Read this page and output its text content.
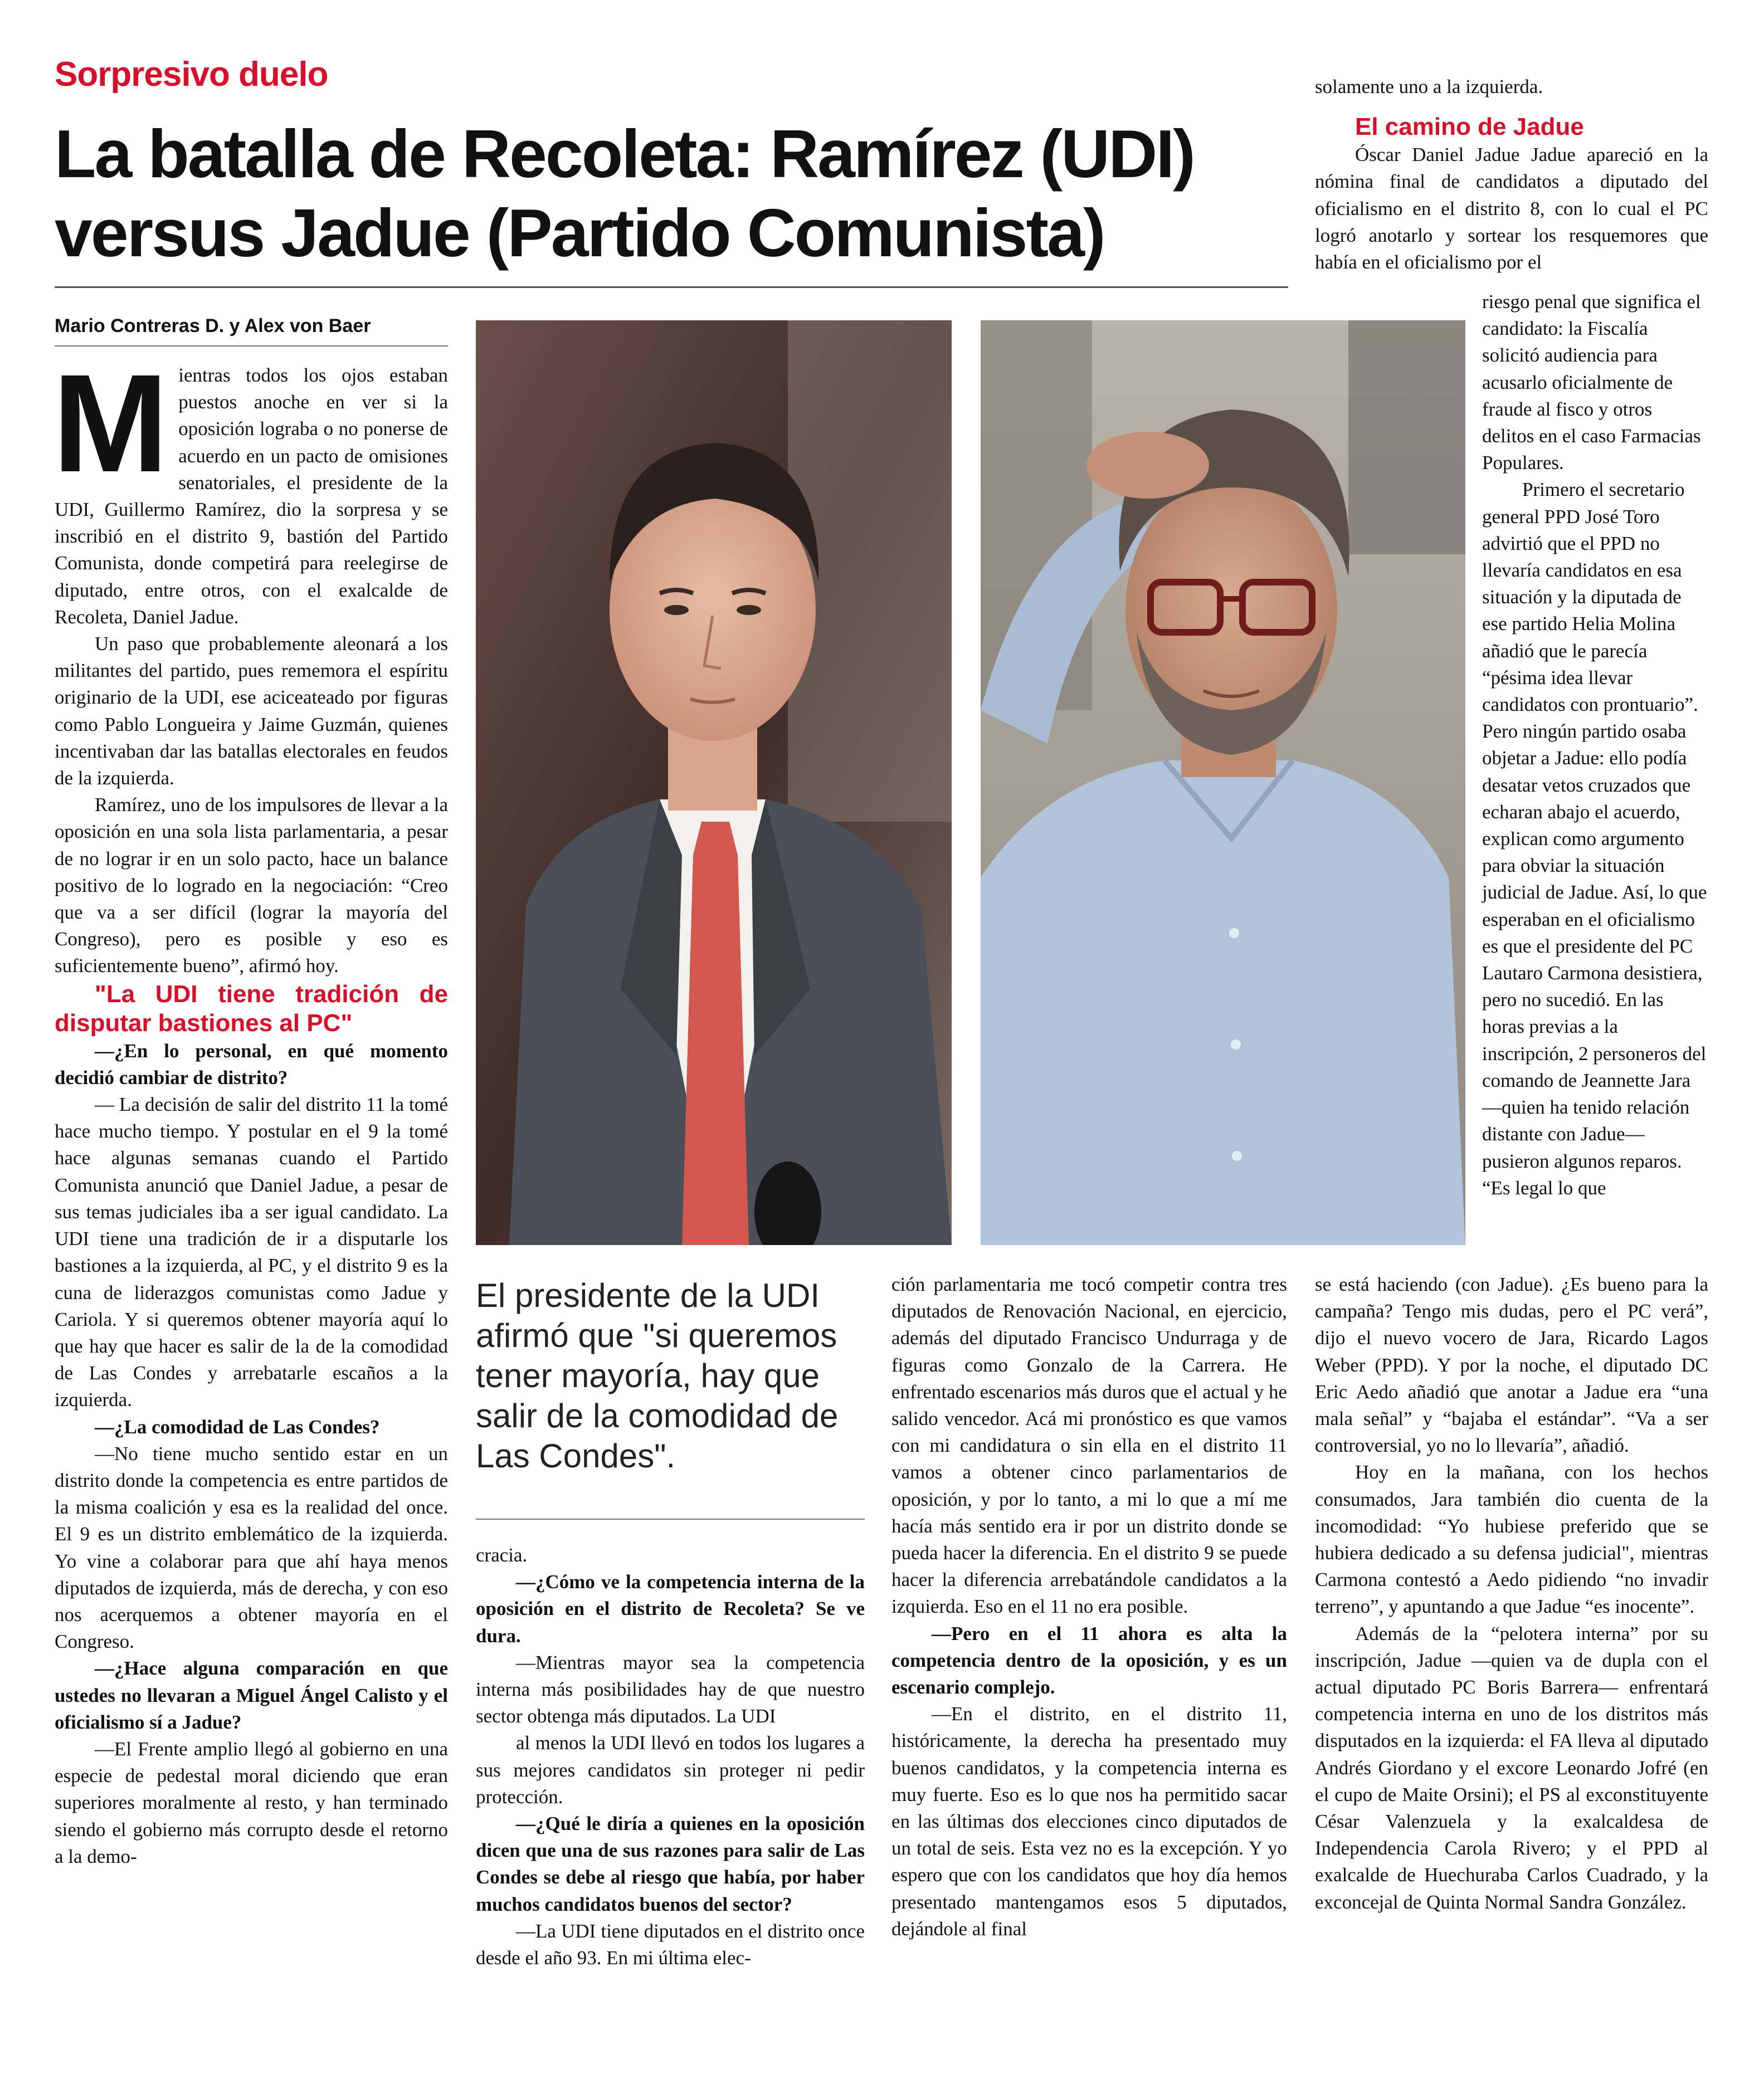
Sorpresivo duelo
La batalla de Recoleta: Ramírez (UDI)
versus Jadue (Partido Comunista)
Mario Contreras D. y Alex von Baer

Mientras todos los ojos estaban puestos anoche en ver si la oposición lograba o no ponerse de acuerdo en un pacto de omisiones senatoriales, el presidente de la UDI, Guillermo Ramírez, dio la sorpresa y se inscribió en el distrito 9, bastión del Partido Comunista, donde competirá para reelegirse de diputado, entre otros, con el exalcalde de Recoleta, Daniel Jadue.

Un paso que probablemente aleonará a los militantes del partido, pues rememora el espíritu originario de la UDI, ese aciceateado por figuras como Pablo Longueira y Jaime Guzmán, quienes incentivaban dar las batallas electorales en feudos de la izquierda.

Ramírez, uno de los impulsores de llevar a la oposición en una sola lista parlamentaria, a pesar de no lograr ir en un solo pacto, hace un balance positivo de lo logrado en la negociación: “Creo que va a ser difícil (lograr la mayoría del Congreso), pero es posible y eso es suficientemente bueno”, afirmó hoy.

"La UDI tiene tradición de disputar bastiones al PC"

—¿En lo personal, en qué momento decidió cambiar de distrito?

— La decisión de salir del distrito 11 la tomé hace mucho tiempo. Y postular en el 9 la tomé hace algunas semanas cuando el Partido Comunista anunció que Daniel Jadue, a pesar de sus temas judiciales iba a ser igual candidato. La UDI tiene una tradición de ir a disputarle los bastiones a la izquierda, al PC, y el distrito 9 es la cuna de liderazgos comunistas como Jadue y Cariola. Y si queremos obtener mayoría aquí lo que hay que hacer es salir de la de la comodidad de Las Condes y arrebatarle escaños a la izquierda.

—¿La comodidad de Las Condes?

—No tiene mucho sentido estar en un distrito donde la competencia es entre partidos de la misma coalición y esa es la realidad del once. El 9 es un distrito emblemático de la izquierda. Yo vine a colaborar para que ahí haya menos diputados de izquierda, más de derecha, y con eso nos acerquemos a obtener mayoría en el Congreso.

—¿Hace alguna comparación en que ustedes no llevaran a Miguel Ángel Calisto y el oficialismo sí a Jadue?

—El Frente amplio llegó al gobierno en una especie de pedestal moral diciendo que eran superiores moralmente al resto, y han terminado siendo el gobierno más corrupto desde el retorno a la demo-

El presidente de la UDI afirmó que "si queremos tener mayoría, hay que salir de la comodidad de Las Condes".

cracia.

—¿Cómo ve la competencia interna de la oposición en el distrito de Recoleta? Se ve dura.

—Mientras mayor sea la competencia interna más posibilidades hay de que nuestro sector obtenga más diputados. La UDI

al menos la UDI llevó en todos los lugares a sus mejores candidatos sin proteger ni pedir protección.

—¿Qué le diría a quienes en la oposición dicen que una de sus razones para salir de Las Condes se debe al riesgo que había, por haber muchos candidatos buenos del sector?

—La UDI tiene diputados en el distrito once desde el año 93. En mi última elec-

ción parlamentaria me tocó competir contra tres diputados de Renovación Nacional, en ejercicio, además del diputado Francisco Undurraga y de figuras como Gonzalo de la Carrera. He enfrentado escenarios más duros que el actual y he salido vencedor. Acá mi pronóstico es que vamos con mi candidatura o sin ella en el distrito 11 vamos a obtener cinco parlamentarios de oposición, y por lo tanto, a mi lo que a mí me hacía más sentido era ir por un distrito donde se pueda hacer la diferencia. En el distrito 9 se puede hacer la diferencia arrebatándole candidatos a la izquierda. Eso en el 11 no era posible.

—Pero en el 11 ahora es alta la competencia dentro de la oposición, y es un escenario complejo.

—En el distrito, en el distrito 11, históricamente, la derecha ha presentado muy buenos candidatos, y la competencia interna es muy fuerte. Eso es lo que nos ha permitido sacar en las últimas dos elecciones cinco diputados de un total de seis. Esta vez no es la excepción. Y yo espero que con los candidatos que hoy día hemos presentado mantengamos esos 5 diputados, dejándole al final

solamente uno a la izquierda.

El camino de Jadue

Óscar Daniel Jadue Jadue apareció en la nómina final de candidatos a diputado del oficialismo en el distrito 8, con lo cual el PC logró anotarlo y sortear los resquemores que había en el oficialismo por el

riesgo penal que significa el candidato: la Fiscalía solicitó audiencia para acusarlo oficialmente de fraude al fisco y otros delitos en el caso Farmacias Populares.

Primero el secretario general PPD José Toro advirtió que el PPD no llevaría candidatos en esa situación y la diputada de ese partido Helia Molina añadió que le parecía “pésima idea llevar candidatos con prontuario”. Pero ningún partido osaba objetar a Jadue: ello podía desatar vetos cruzados que echaran abajo el acuerdo, explican como argumento para obviar la situación judicial de Jadue. Así, lo que esperaban en el oficialismo es que el presidente del PC Lautaro Carmona desistiera, pero no sucedió. En las horas previas a la inscripción, 2 personeros del comando de Jeannette Jara —quien ha tenido relación distante con Jadue— pusieron algunos reparos. “Es legal lo que

se está haciendo (con Jadue). ¿Es bueno para la campaña? Tengo mis dudas, pero el PC verá”, dijo el nuevo vocero de Jara, Ricardo Lagos Weber (PPD). Y por la noche, el diputado DC Eric Aedo añadió que anotar a Jadue era “una mala señal” y “bajaba el estándar”. “Va a ser controversial, yo no lo llevaría”, añadió.

Hoy en la mañana, con los hechos consumados, Jara también dio cuenta de la incomodidad: “Yo hubiese preferido que se hubiera dedicado a su defensa judicial", mientras Carmona contestó a Aedo pidiendo “no invadir terreno”, y apuntando a que Jadue “es inocente”.

Además de la “pelotera interna” por su inscripción, Jadue —quien va de dupla con el actual diputado PC Boris Barrera— enfrentará competencia interna en uno de los distritos más disputados en la izquierda: el FA lleva al diputado Andrés Giordano y el excore Leonardo Jofré (en el cupo de Maite Orsini); el PS al exconstituyente César Valenzuela y la exalcaldesa de Independencia Carola Rivero; y el PPD al exalcalde de Huechuraba Carlos Cuadrado, y la exconcejal de Quinta Normal Sandra González.
